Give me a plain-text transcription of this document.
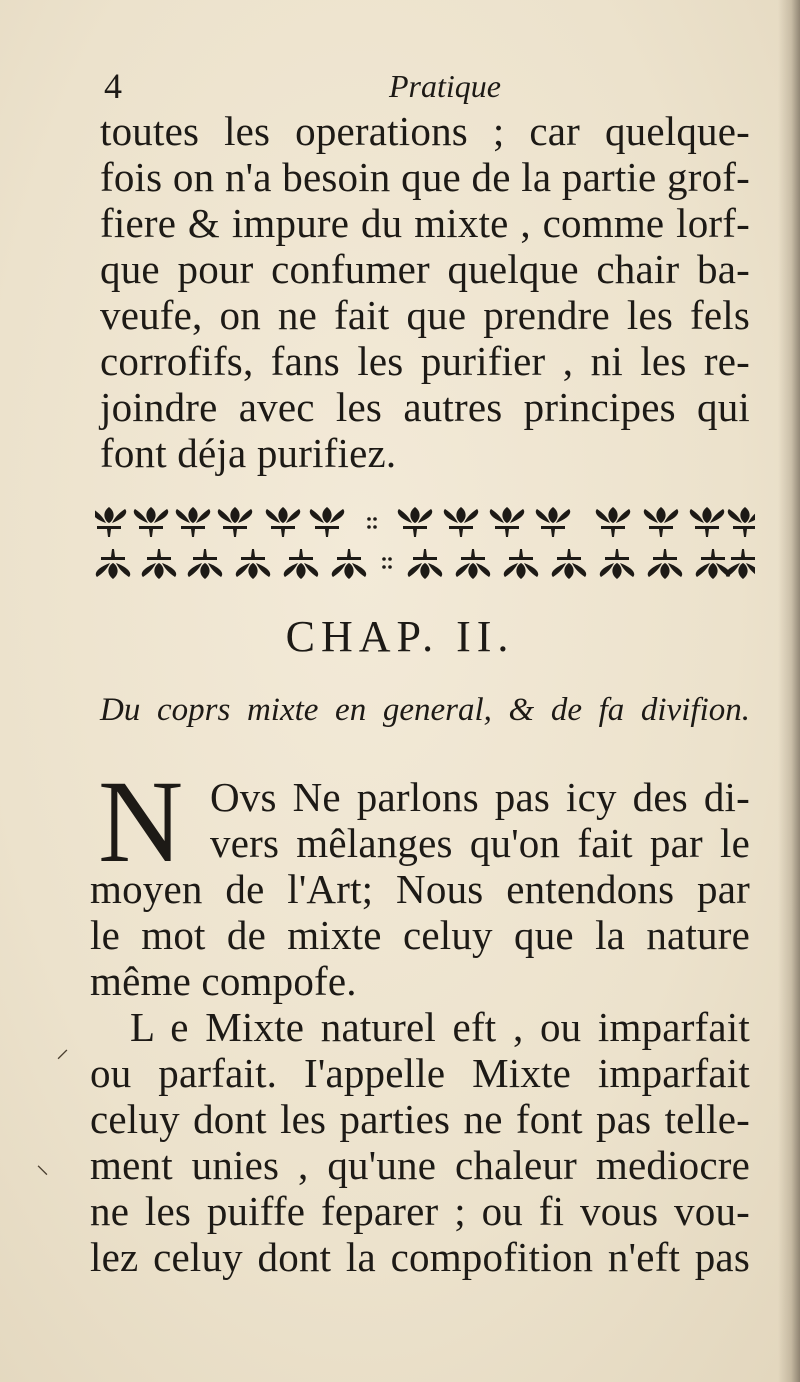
4	Pratique
toutes les operations ; car quelque-
fois on n'a besoin que de la partie grof-
fiere & impure du mixte , comme lorf-
que pour confumer quelque chair ba-
veufe, on ne fait que prendre les fels
corrofifs, fans les purifier , ni les re-
joindre avec les autres principes qui
font déja purifiez.
CHAP. II.
Du coprs mixte en general, & de fa divifion.
N Ovs Ne parlons pas icy des di-
vers mêlanges qu'on fait par le
moyen de l'Art; Nous entendons par
le mot de mixte celuy que la nature
même compofe.
L e Mixte naturel eft , ou imparfait
ou parfait. I'appelle Mixte imparfait
celuy dont les parties ne font pas telle-
ment unies , qu'une chaleur mediocre
ne les puiffe feparer ; ou fi vous vou-
lez celuy dont la compofition n'eft pas
⸍
⸜
